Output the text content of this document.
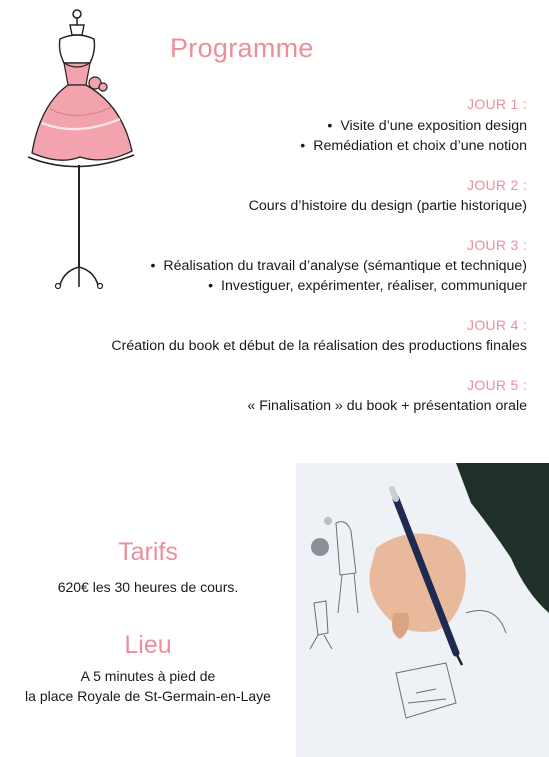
Programme

JOUR 1 :

• Visite d’une exposition design

• Remédiation et choix d’une notion

JOUR 2 :

Cours d’histoire du design (partie historique)

JOUR 3 :

• Réalisation du travail d’analyse (sémantique et technique)

• Investiguer, expérimenter, réaliser, communiquer

JOUR 4 :

Création du book et début de la réalisation des productions finales

JOUR 5 :

« Finalisation » du book + présentation orale

Tarifs

620€ les 30 heures de cours.

Lieu

A 5 minutes à pied de

la place Royale de St-Germain-en-Laye
